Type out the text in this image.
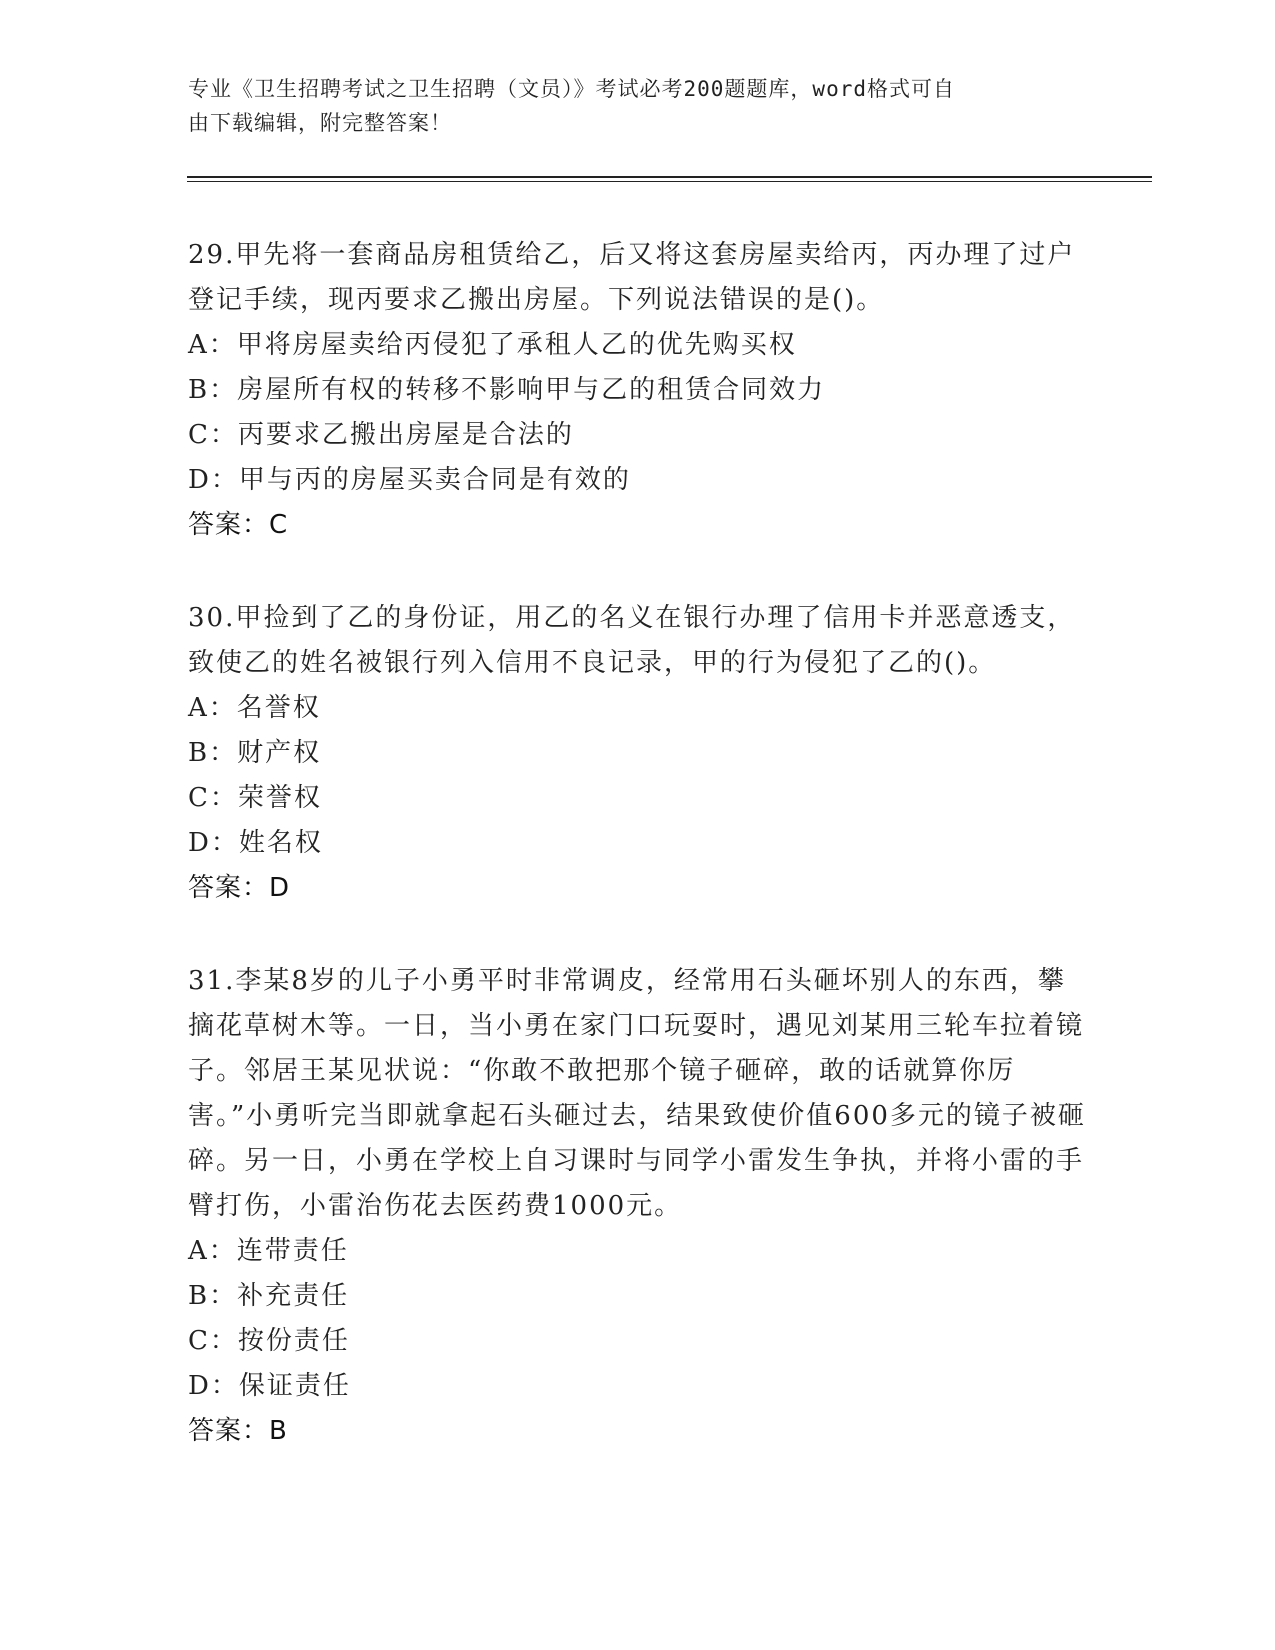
专业《卫生招聘考试之卫生招聘（文员）》考试必考200题题库，word格式可自
由下载编辑，附完整答案！

29.甲先将一套商品房租赁给乙，后又将这套房屋卖给丙，丙办理了过户登记手续，现丙要求乙搬出房屋。下列说法错误的是()。

A：甲将房屋卖给丙侵犯了承租人乙的优先购买权

B：房屋所有权的转移不影响甲与乙的租赁合同效力

C：丙要求乙搬出房屋是合法的

D：甲与丙的房屋买卖合同是有效的

答案：C

30.甲捡到了乙的身份证，用乙的名义在银行办理了信用卡并恶意透支，致使乙的姓名被银行列入信用不良记录，甲的行为侵犯了乙的()。

A：名誉权

B：财产权

C：荣誉权

D：姓名权

答案：D

31.李某8岁的儿子小勇平时非常调皮，经常用石头砸坏别人的东西，攀摘花草树木等。一日，当小勇在家门口玩耍时，遇见刘某用三轮车拉着镜子。邻居王某见状说：“你敢不敢把那个镜子砸碎，敢的话就算你厉害。”小勇听完当即就拿起石头砸过去，结果致使价值600多元的镜子被砸碎。另一日，小勇在学校上自习课时与同学小雷发生争执，并将小雷的手臂打伤，小雷治伤花去医药费1000元。

A：连带责任

B：补充责任

C：按份责任

D：保证责任

答案：B
